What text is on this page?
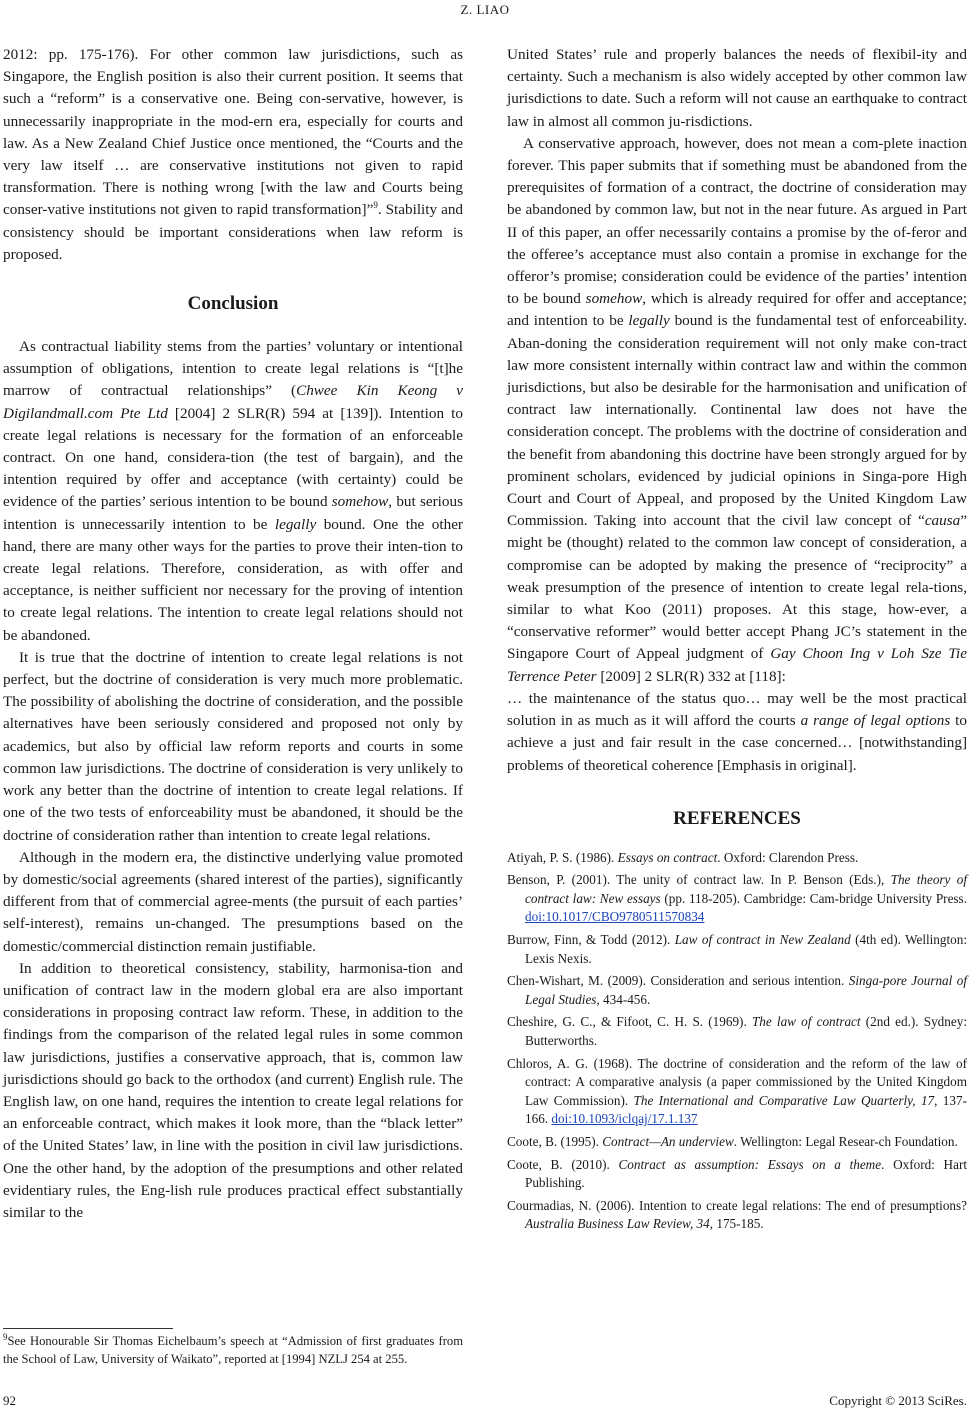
Z. LIAO

2012: pp. 175-176). For other common law jurisdictions, such as Singapore, the English position is also their current position. It seems that such a “reform” is a conservative one. Being con-servative, however, is unnecessarily inappropriate in the mod-ern era, especially for courts and law. As a New Zealand Chief Justice once mentioned, the “Courts and the very law itself … are conservative institutions not given to rapid transformation. There is nothing wrong [with the law and Courts being conser-vative institutions not given to rapid transformation]”$^9$. Stability and consistency should be important considerations when law reform is proposed.

Conclusion

As contractual liability stems from the parties’ voluntary or intentional assumption of obligations, intention to create legal relations is “[t]he marrow of contractual relationships” (Chwee Kin Keong v Digilandmall.com Pte Ltd [2004] 2 SLR(R) 594 at [139]). Intention to create legal relations is necessary for the formation of an enforceable contract. On one hand, considera-tion (the test of bargain), and the intention required by offer and acceptance (with certainty) could be evidence of the parties’ serious intention to be bound somehow, but serious intention is unnecessarily intention to be legally bound. One the other hand, there are many other ways for the parties to prove their inten-tion to create legal relations. Therefore, consideration, as with offer and acceptance, is neither sufficient nor necessary for the proving of intention to create legal relations. The intention to create legal relations should not be abandoned.

It is true that the doctrine of intention to create legal relations is not perfect, but the doctrine of consideration is very much more problematic. The possibility of abolishing the doctrine of consideration, and the possible alternatives have been seriously considered and proposed not only by academics, but also by official law reform reports and courts in some common law jurisdictions. The doctrine of consideration is very unlikely to work any better than the doctrine of intention to create legal relations. If one of the two tests of enforceability must be abandoned, it should be the doctrine of consideration rather than intention to create legal relations.

Although in the modern era, the distinctive underlying value promoted by domestic/social agreements (shared interest of the parties), significantly different from that of commercial agree-ments (the pursuit of each parties’ self-interest), remains un-changed. The presumptions based on the domestic/commercial distinction remain justifiable.

In addition to theoretical consistency, stability, harmonisa-tion and unification of contract law in the modern global era are also important considerations in proposing contract law reform. These, in addition to the findings from the comparison of the related legal rules in some common law jurisdictions, justifies a conservative approach, that is, common law jurisdictions should go back to the orthodox (and current) English rule. The English law, on one hand, requires the intention to create legal relations for an enforceable contract, which makes it look more, than the “black letter” of the United States’ law, in line with the position in civil law jurisdictions. One the other hand, by the adoption of the presumptions and other related evidentiary rules, the Eng-lish rule produces practical effect substantially similar to the

United States’ rule and properly balances the needs of flexibil-ity and certainty. Such a mechanism is also widely accepted by other common law jurisdictions to date. Such a reform will not cause an earthquake to contract law in almost all common ju-risdictions.

A conservative approach, however, does not mean a com-plete inaction forever. This paper submits that if something must be abandoned from the prerequisites of formation of a contract, the doctrine of consideration may be abandoned by common law, but not in the near future. As argued in Part II of this paper, an offer necessarily contains a promise by the of-feror and the offeree’s acceptance must also contain a promise in exchange for the offeror’s promise; consideration could be evidence of the parties’ intention to be bound somehow, which is already required for offer and acceptance; and intention to be legally bound is the fundamental test of enforceability. Aban-doning the consideration requirement will not only make con-tract law more consistent internally within contract law and within the common jurisdictions, but also be desirable for the harmonisation and unification of contract law internationally. Continental law does not have the consideration concept. The problems with the doctrine of consideration and the benefit from abandoning this doctrine have been strongly argued for by prominent scholars, evidenced by judicial opinions in Singa-pore High Court and Court of Appeal, and proposed by the United Kingdom Law Commission. Taking into account that the civil law concept of “causa” might be (thought) related to the common law concept of consideration, a compromise can be adopted by making the presence of “reciprocity” a weak presumption of the presence of intention to create legal rela-tions, similar to what Koo (2011) proposes. At this stage, how-ever, a “conservative reformer” would better accept Phang JC’s statement in the Singapore Court of Appeal judgment of Gay Choon Ing v Loh Sze Tie Terrence Peter [2009] 2 SLR(R) 332 at [118]:

… the maintenance of the status quo… may well be the most practical solution in as much as it will afford the courts a range of legal options to achieve a just and fair result in the case concerned… [notwithstanding] problems of theoretical coherence [Emphasis in original].

REFERENCES
Atiyah, P. S. (1986). Essays on contract. Oxford: Clarendon Press.
Benson, P. (2001). The unity of contract law. In P. Benson (Eds.), The theory of contract law: New essays (pp. 118-205). Cambridge: Cam-bridge University Press. doi:10.1017/CBO9780511570834
Burrow, Finn, & Todd (2012). Law of contract in New Zealand (4th ed). Wellington: Lexis Nexis.
Chen-Wishart, M. (2009). Consideration and serious intention. Singa-pore Journal of Legal Studies, 434-456.
Cheshire, G. C., & Fifoot, C. H. S. (1969). The law of contract (2nd ed.). Sydney: Butterworths.
Chloros, A. G. (1968). The doctrine of consideration and the reform of the law of contract: A comparative analysis (a paper commissioned by the United Kingdom Law Commission). The International and Comparative Law Quarterly, 17, 137-166. doi:10.1093/iclqaj/17.1.137
Coote, B. (1995). Contract—An underview. Wellington: Legal Resear-ch Foundation.
Coote, B. (2010). Contract as assumption: Essays on a theme. Oxford: Hart Publishing.
Courmadias, N. (2006). Intention to create legal relations: The end of presumptions? Australia Business Law Review, 34, 175-185.
$^9$See Honourable Sir Thomas Eichelbaum’s speech at “Admission of first graduates from the School of Law, University of Waikato”, reported at [1994] NZLJ 254 at 255.
92	Copyright © 2013 SciRes.
